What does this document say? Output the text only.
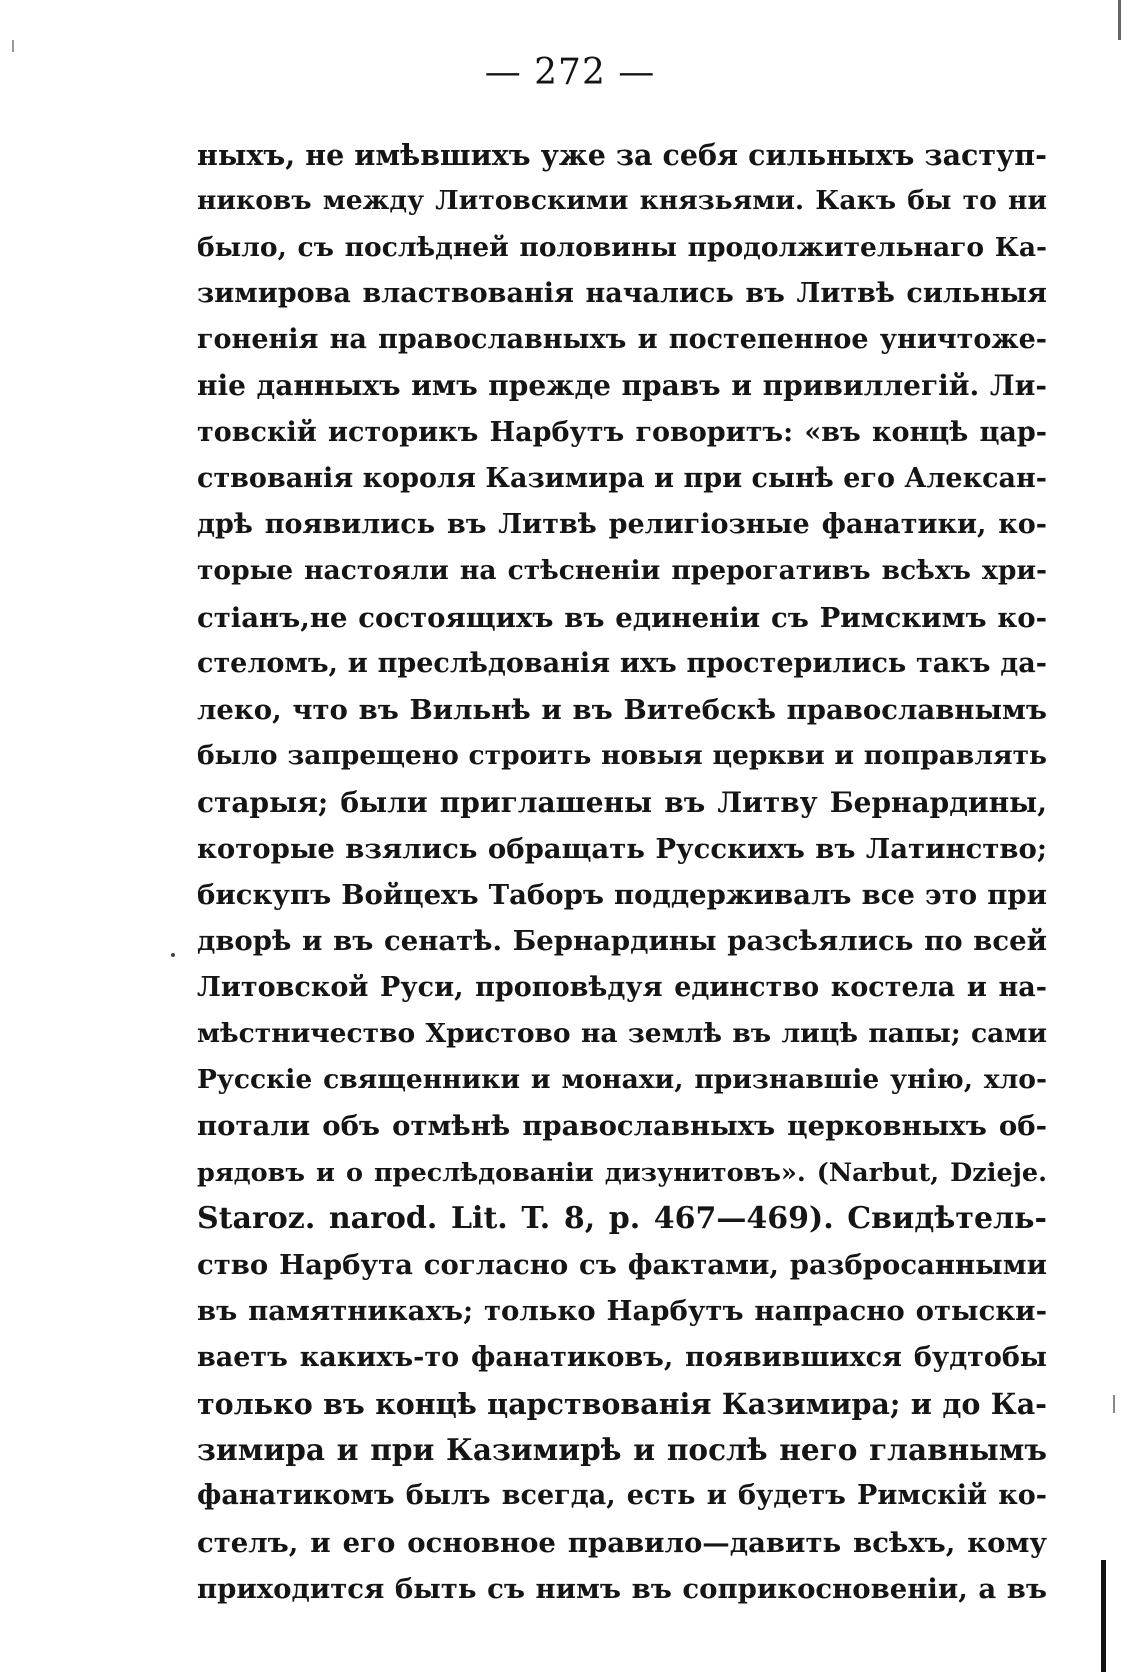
— 272 —
ныхъ, не имѣвшихъ уже за себя сильныхъ заступ-
никовъ между Литовскими князьями. Какъ бы то ни
было, съ послѣдней половины продолжительнаго Ка-
зимирова властвованія начались въ Литвѣ сильныя
гоненія на православныхъ и постепенное уничтоже-
ніе данныхъ имъ прежде правъ и привиллегій. Ли-
товскій историкъ Нарбутъ говоритъ: «въ концѣ цар-
ствованія короля Казимира и при сынѣ его Алексан-
дрѣ появились въ Литвѣ религіозные фанатики, ко-
торые настояли на стѣсненіи прерогативъ всѣхъ хри-
стіанъ,не состоящихъ въ единеніи съ Римскимъ ко-
стеломъ, и преслѣдованія ихъ простерились такъ да-
леко, что въ Вильнѣ и въ Витебскѣ православнымъ
было запрещено строить новыя церкви и поправлять
старыя; были приглашены въ Литву Бернардины,
которые взялись обращать Русскихъ въ Латинство;
бискупъ Войцехъ Таборъ поддерживалъ все это при
дворѣ и въ сенатѣ. Бернардины разсѣялись по всей
Литовской Руси, проповѣдуя единство костела и на-
мѣстничество Христово на землѣ въ лицѣ папы; сами
Русскіе священники и монахи, признавшіе унію, хло-
потали объ отмѣнѣ православныхъ церковныхъ об-
рядовъ и о преслѣдованіи дизунитовъ». (Narbut, Dzieje.
Staroz. narod. Lit. T. 8, p. 467—469). Свидѣтель-
ство Нарбута согласно съ фактами, разбросанными
въ памятникахъ; только Нарбутъ напрасно отыски-
ваетъ какихъ-то фанатиковъ, появившихся будтобы
только въ концѣ царствованія Казимира; и до Ка-
зимира и при Казимирѣ и послѣ него главнымъ
фанатикомъ былъ всегда, есть и будетъ Римскій ко-
стелъ, и его основное правило—давить всѣхъ, кому
приходится быть съ нимъ въ соприкосновеніи, а въ
